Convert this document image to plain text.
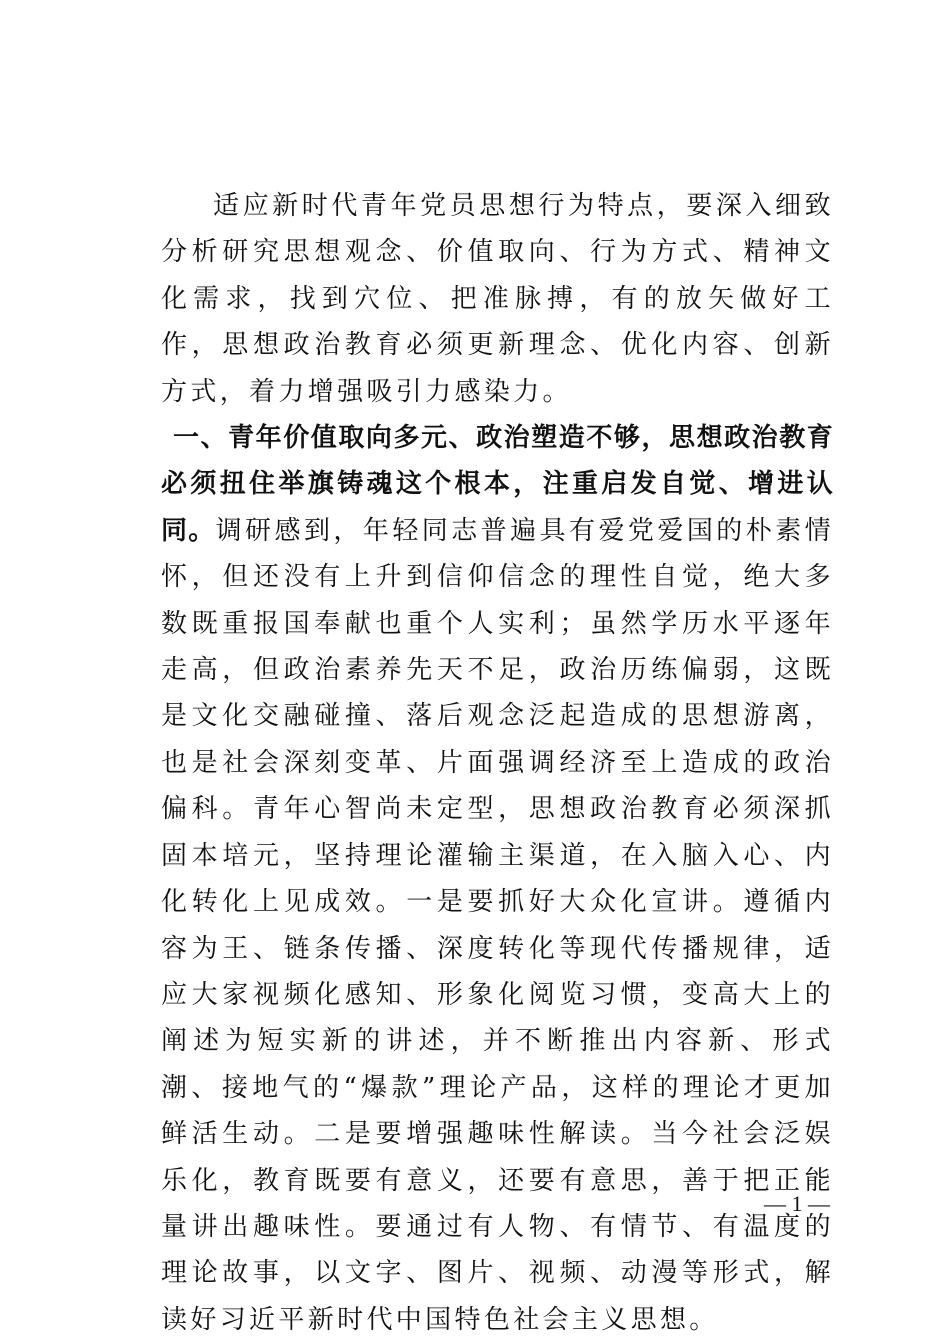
适应新时代青年党员思想行为特点，要深入细致分析研究思想观念、价值取向、行为方式、精神文化需求，找到穴位、把准脉搏，有的放矢做好工作，思想政治教育必须更新理念、优化内容、创新方式，着力增强吸引力感染力。

一、青年价值取向多元、政治塑造不够，思想政治教育必须扭住举旗铸魂这个根本，注重启发自觉、增进认同。调研感到，年轻同志普遍具有爱党爱国的朴素情怀，但还没有上升到信仰信念的理性自觉，绝大多数既重报国奉献也重个人实利；虽然学历水平逐年走高，但政治素养先天不足，政治历练偏弱，这既是文化交融碰撞、落后观念泛起造成的思想游离，也是社会深刻变革、片面强调经济至上造成的政治偏科。青年心智尚未定型，思想政治教育必须深抓固本培元，坚持理论灌输主渠道，在入脑入心、内化转化上见成效。一是要抓好大众化宣讲。遵循内容为王、链条传播、深度转化等现代传播规律，适应大家视频化感知、形象化阅览习惯，变高大上的阐述为短实新的讲述，并不断推出内容新、形式潮、接地气的“爆款”理论产品，这样的理论才更加鲜活生动。二是要增强趣味性解读。当今社会泛娱乐化，教育既要有意义，还要有意思，善于把正能量讲出趣味性。要通过有人物、有情节、有温度的理论故事，以文字、图片、视频、动漫等形式，解读好习近平新时代中国特色社会主义思想。

— 1 —
